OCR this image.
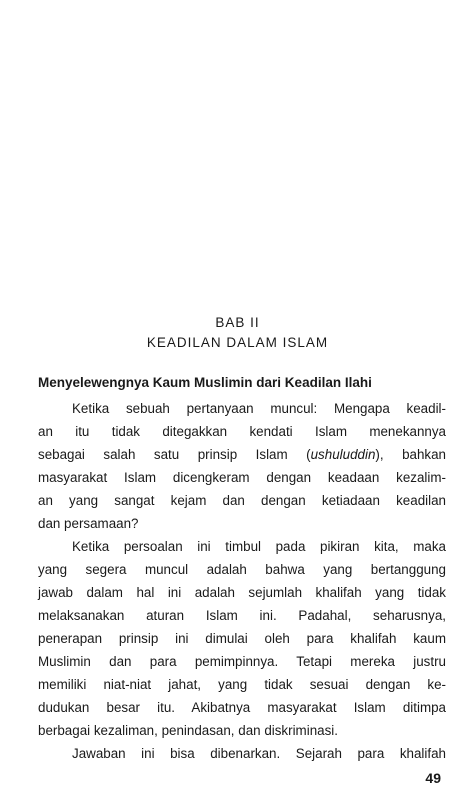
BAB II
KEADILAN DALAM ISLAM
Menyelewengnya Kaum Muslimin dari Keadilan Ilahi
Ketika sebuah pertanyaan muncul: Mengapa keadil-
an itu tidak ditegakkan kendati Islam menekannya
sebagai salah satu prinsip Islam (ushuluddin), bahkan
masyarakat Islam dicengkeram dengan keadaan kezalim-
an yang sangat kejam dan dengan ketiadaan keadilan
dan persamaan?
Ketika persoalan ini timbul pada pikiran kita, maka
yang segera muncul adalah bahwa yang bertanggung
jawab dalam hal ini adalah sejumlah khalifah yang tidak
melaksanakan aturan Islam ini. Padahal, seharusnya,
penerapan prinsip ini dimulai oleh para khalifah kaum
Muslimin dan para pemimpinnya. Tetapi mereka justru
memiliki niat-niat jahat, yang tidak sesuai dengan ke-
dudukan besar itu. Akibatnya masyarakat Islam ditimpa
berbagai kezaliman, penindasan, dan diskriminasi.
Jawaban ini bisa dibenarkan. Sejarah para khalifah
49
